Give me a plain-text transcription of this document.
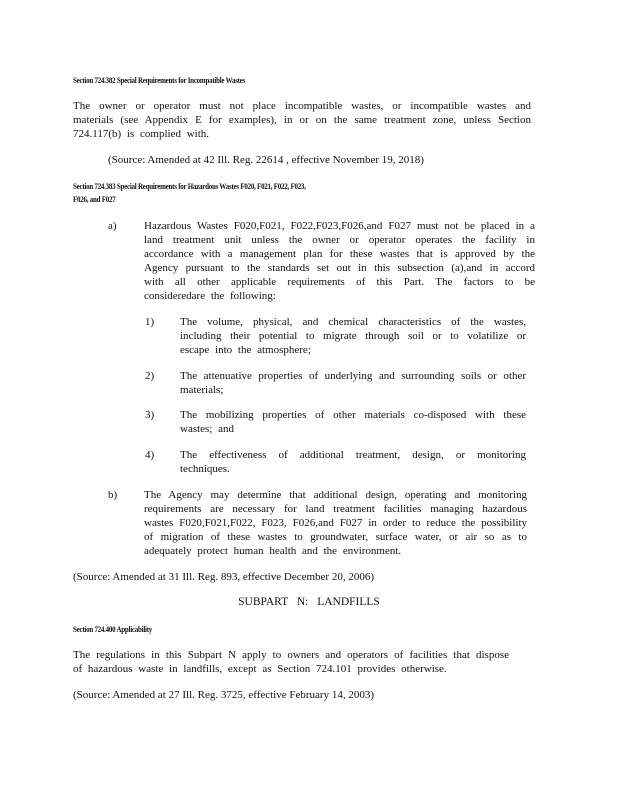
Section 724.382 Special Requirements for Incompatible Wastes
The owner or operator must not place incompatible wastes, or incompatible wastes and materials (see Appendix E for examples), in or on the same treatment zone, unless Section 724.117(b) is complied with.
(Source: Amended at 42 Ill. Reg. 22614 , effective November 19, 2018)
Section 724.383 Special Requirements for Hazardous Wastes F020, F021, F022, F023,
F026, and F027
a) Hazardous Wastes F020,F021, F022,F023,F026,and F027 must not be placed in a land treatment unit unless the owner or operator operates the facility in accordance with a management plan for these wastes that is approved by the Agency pursuant to the standards set out in this subsection (a),and in accord with all other applicable requirements of this Part. The factors to be consideredare the following:
1) The volume, physical, and chemical characteristics of the wastes, including their potential to migrate through soil or to volatilize or escape into the atmosphere;
2) The attenuative properties of underlying and surrounding soils or other materials;
3) The mobilizing properties of other materials co-disposed with these wastes; and
4) The effectiveness of additional treatment, design, or monitoring techniques.
b) The Agency may determine that additional design, operating and monitoring requirements are necessary for land treatment facilities managing hazardous wastes F020,F021,F022, F023, F026,and F027 in order to reduce the possibility of migration of these wastes to groundwater, surface water, or air so as to adequately protect human health and the environment.
(Source: Amended at 31 Ill. Reg. 893, effective December 20, 2006)
SUBPART N: LANDFILLS
Section 724.400 Applicability
The regulations in this Subpart N apply to owners and operators of facilities that dispose of hazardous waste in landfills, except as Section 724.101 provides otherwise.
(Source: Amended at 27 Ill. Reg. 3725, effective February 14, 2003)
